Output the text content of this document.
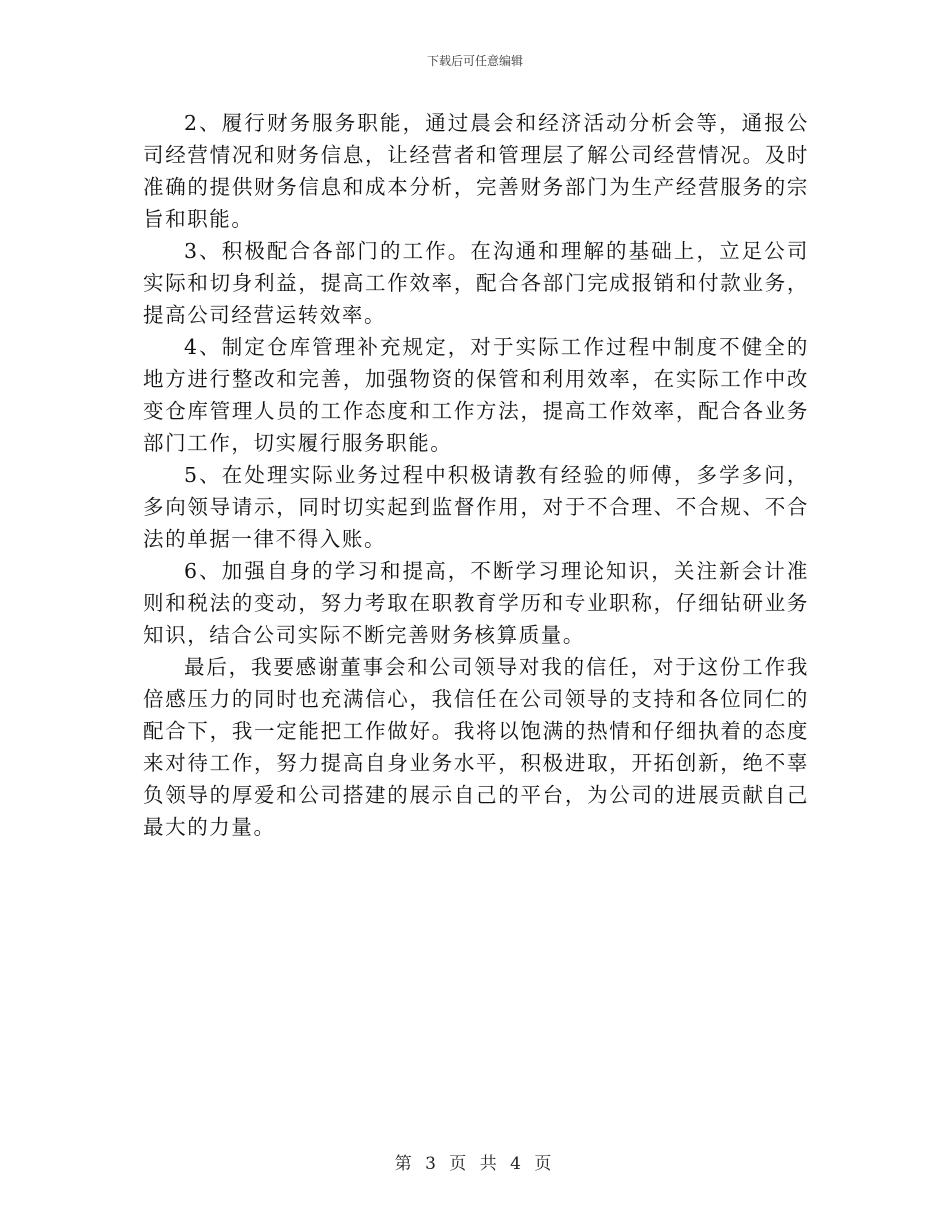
下载后可任意编辑

2、履行财务服务职能，通过晨会和经济活动分析会等，通报公司经营情况和财务信息，让经营者和管理层了解公司经营情况。及时准确的提供财务信息和成本分析，完善财务部门为生产经营服务的宗旨和职能。

3、积极配合各部门的工作。在沟通和理解的基础上，立足公司实际和切身利益，提高工作效率，配合各部门完成报销和付款业务，提高公司经营运转效率。

4、制定仓库管理补充规定，对于实际工作过程中制度不健全的地方进行整改和完善，加强物资的保管和利用效率，在实际工作中改变仓库管理人员的工作态度和工作方法，提高工作效率，配合各业务部门工作，切实履行服务职能。

5、在处理实际业务过程中积极请教有经验的师傅，多学多问，多向领导请示，同时切实起到监督作用，对于不合理、不合规、不合法的单据一律不得入账。

6、加强自身的学习和提高，不断学习理论知识，关注新会计准则和税法的变动，努力考取在职教育学历和专业职称，仔细钻研业务知识，结合公司实际不断完善财务核算质量。

最后，我要感谢董事会和公司领导对我的信任，对于这份工作我倍感压力的同时也充满信心，我信任在公司领导的支持和各位同仁的配合下，我一定能把工作做好。我将以饱满的热情和仔细执着的态度来对待工作，努力提高自身业务水平，积极进取，开拓创新，绝不辜负领导的厚爱和公司搭建的展示自己的平台，为公司的进展贡献自己最大的力量。

第 3 页 共 4 页
